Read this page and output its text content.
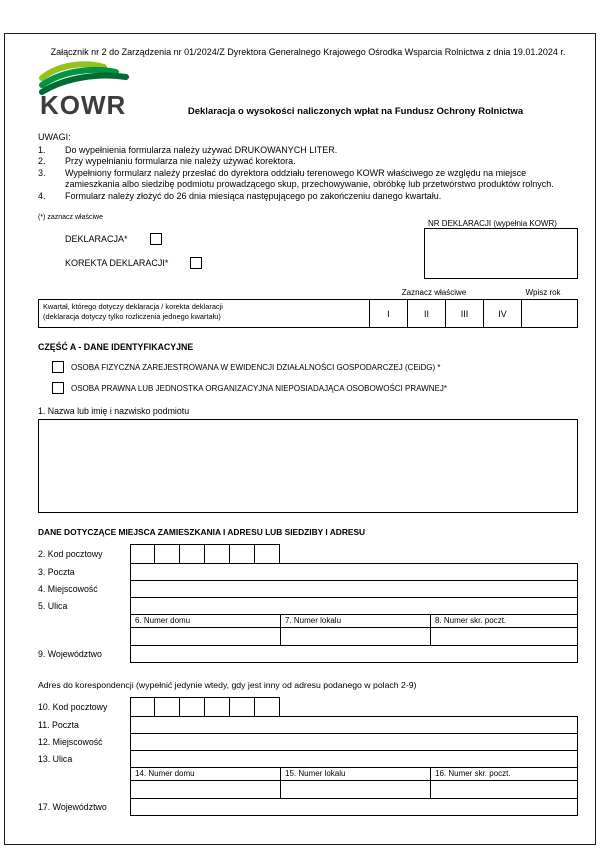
Załącznik nr 2 do Zarządzenia nr 01/2024/Z Dyrektora Generalnego Krajowego Ośrodka Wsparcia Rolnictwa z dnia 19.01.2024 r.
KOWR	Deklaracja o wysokości naliczonych wpłat na Fundusz Ochrony Rolnictwa
UWAGI:
1.	Do wypełnienia formularza należy używać DRUKOWANYCH LITER.
2.	Przy wypełnianiu formularza nie należy używać korektora.
3.	Wypełniony formularz należy przesłać do dyrektora oddziału terenowego KOWR właściwego ze względu na miejsce zamieszkania albo siedzibę podmiotu prowadzącego skup, przechowywanie, obróbkę lub przetwórstwo produktów rolnych.
4.	Formularz należy złożyć do 26 dnia miesiąca następującego po zakończeniu danego kwartału.
(*) zaznacz właściwe
NR DEKLARACJI (wypełnia KOWR)
DEKLARACJA*
KOREKTA DEKLARACJI*
Zaznacz właściwe	Wpisz rok
Kwartał, którego dotyczy deklaracja / korekta deklaracji
(deklaracja dotyczy tylko rozliczenia jednego kwartału)	I	II	III	IV
CZĘŚĆ A - DANE IDENTYFIKACYJNE
OSOBA FIZYCZNA ZAREJESTROWANA W EWIDENCJI DZIAŁALNOŚCI GOSPODARCZEJ (CEiDG) *
OSOBA PRAWNA LUB JEDNOSTKA ORGANIZACYJNA NIEPOSIADAJĄCA OSOBOWOŚCI PRAWNEJ*
1. Nazwa lub imię i nazwisko podmiotu
DANE DOTYCZĄCE MIEJSCA ZAMIESZKANIA I ADRESU LUB SIEDZIBY I ADRESU
2. Kod pocztowy
3. Poczta
4. Miejscowość
5. Ulica
6. Numer domu	7. Numer lokalu	8. Numer skr. poczt.
9. Województwo
Adres do korespondencji (wypełnić jedynie wtedy, gdy jest inny od adresu podanego w polach 2-9)
10. Kod pocztowy
11. Poczta
12. Miejscowość
13. Ulica
14. Numer domu	15. Numer lokalu	16. Numer skr. poczt.
17. Województwo
